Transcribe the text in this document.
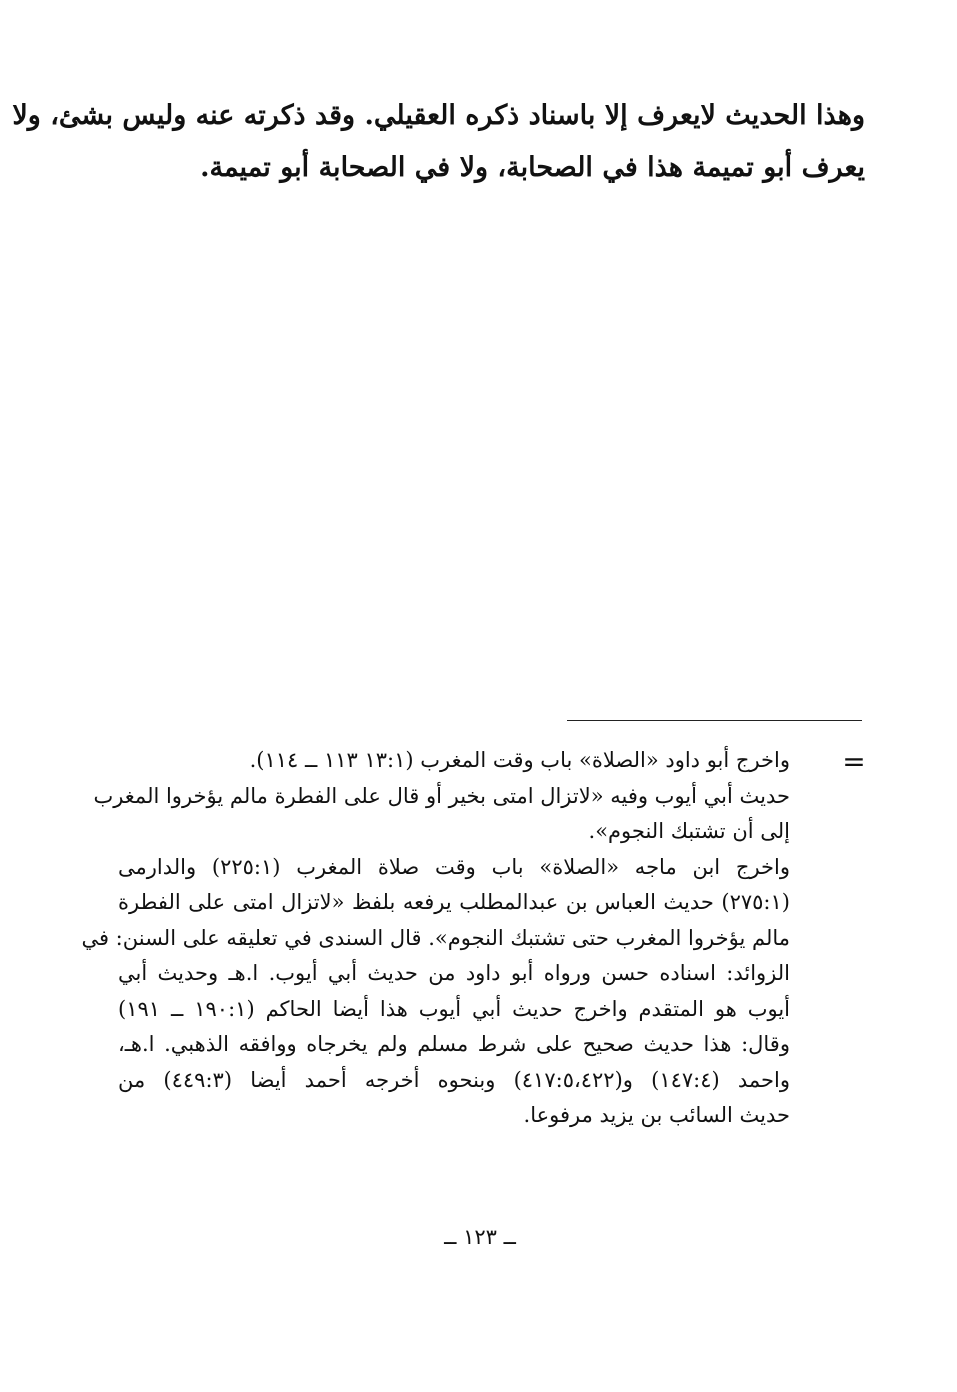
وهذا الحديث لايعرف إلا باسناد ذكره العقيلي. وقد ذكرته عنه وليس بشئ، ولا
يعرف أبو تميمة هذا في الصحابة، ولا في الصحابة أبو تميمة.
=
واخرج أبو داود «الصلاة» باب وقت المغرب (١٣:١ ١١٣ ــ ١١٤).
حديث أبي أيوب وفيه «لاتزال امتى بخير أو قال على الفطرة مالم يؤخروا المغرب
إلى أن تشتبك النجوم».
واخرج ابن ماجه «الصلاة» باب وقت صلاة المغرب (٢٢٥:١) والدارمى
(٢٧٥:١) حديث العباس بن عبدالمطلب يرفعه بلفظ «لاتزال امتى على الفطرة
مالم يؤخروا المغرب حتى تشتبك النجوم». قال السندى في تعليقه على السنن: في
الزوائد: اسناده حسن ورواه أبو داود من حديث أبي أيوب. ا.هـ وحديث أبي
أيوب هو المتقدم واخرج حديث أبي أيوب هذا أيضا الحاكم (١٩٠:١ ــ ١٩١)
وقال: هذا حديث صحيح على شرط مسلم ولم يخرجاه ووافقه الذهبي. ا.هـ،
واحمد (١٤٧:٤) و(٤١٧:٥،٤٢٢) وبنحوه أخرجه أحمد أيضا (٤٤٩:٣) من
حديث السائب بن يزيد مرفوعا.
ــ ١٢٣ ــ
